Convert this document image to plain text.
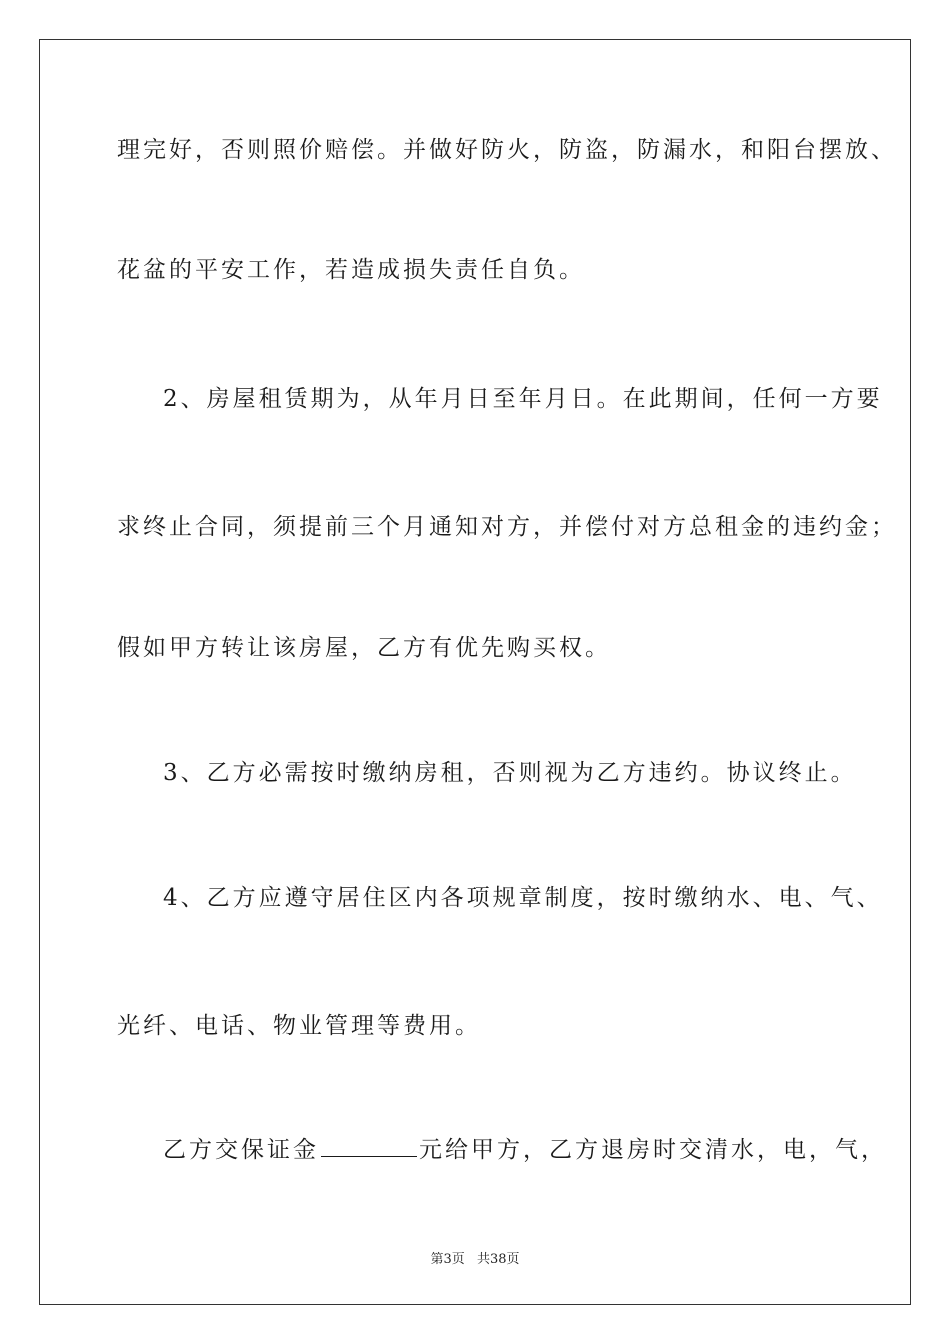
理完好，否则照价赔偿。并做好防火，防盗，防漏水，和阳台摆放、
花盆的平安工作，若造成损失责任自负。
2、房屋租赁期为，从年月日至年月日。在此期间，任何一方要
求终止合同，须提前三个月通知对方，并偿付对方总租金的违约金；
假如甲方转让该房屋，乙方有优先购买权。
3、乙方必需按时缴纳房租，否则视为乙方违约。协议终止。
4、乙方应遵守居住区内各项规章制度，按时缴纳水、电、气、
光纤、电话、物业管理等费用。
乙方交保证金	元给甲方，乙方退房时交清水，电，气，
第3页 共38页
